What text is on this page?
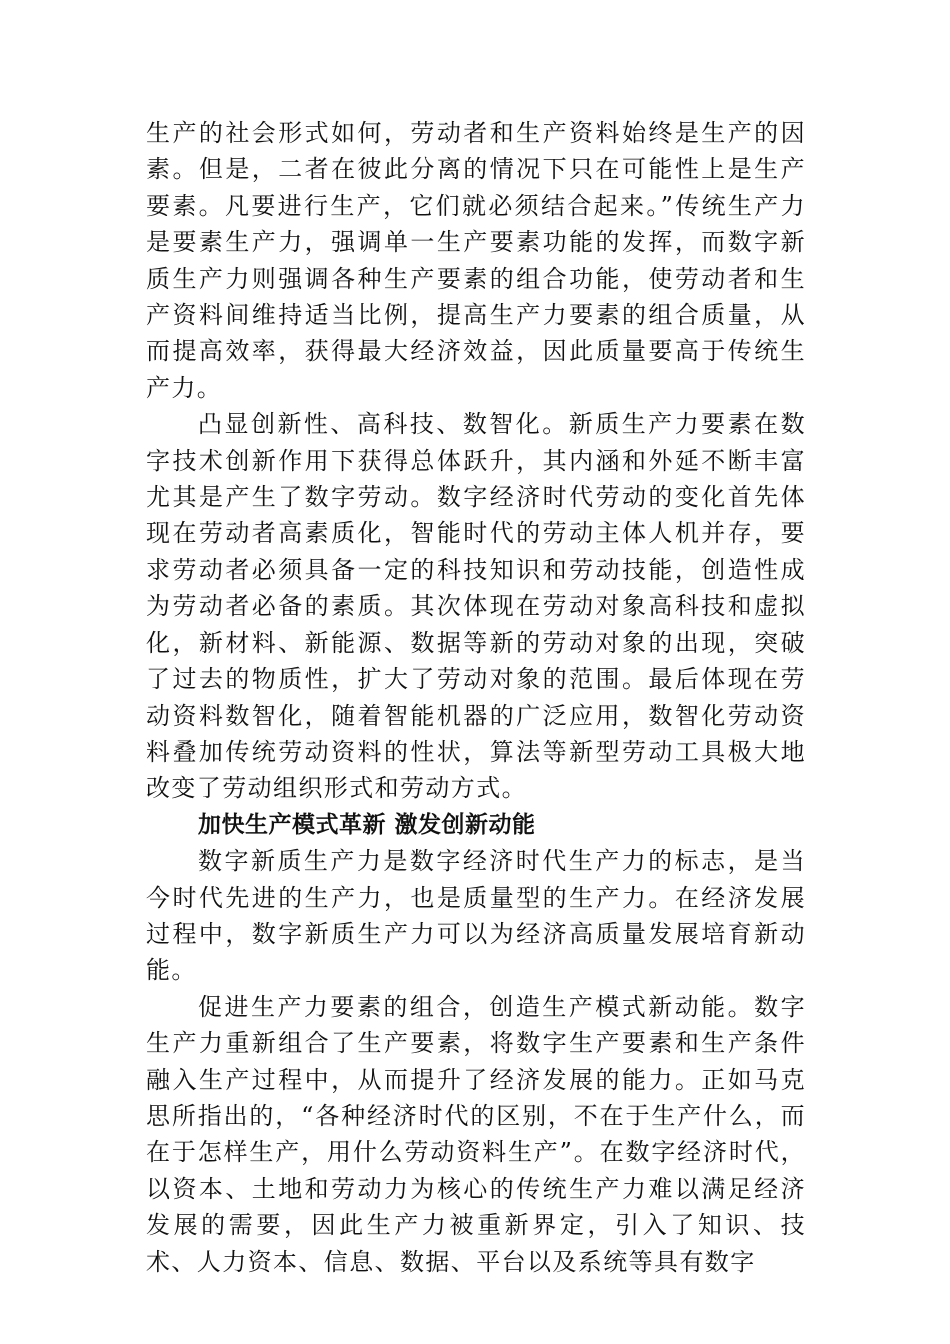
生产的社会形式如何，劳动者和生产资料始终是生产的因素。但是，二者在彼此分离的情况下只在可能性上是生产要素。凡要进行生产，它们就必须结合起来。”传统生产力是要素生产力，强调单一生产要素功能的发挥，而数字新质生产力则强调各种生产要素的组合功能，使劳动者和生产资料间维持适当比例，提高生产力要素的组合质量，从而提高效率，获得最大经济效益，因此质量要高于传统生产力。

凸显创新性、高科技、数智化。新质生产力要素在数字技术创新作用下获得总体跃升，其内涵和外延不断丰富尤其是产生了数字劳动。数字经济时代劳动的变化首先体现在劳动者高素质化，智能时代的劳动主体人机并存，要求劳动者必须具备一定的科技知识和劳动技能，创造性成为劳动者必备的素质。其次体现在劳动对象高科技和虚拟化，新材料、新能源、数据等新的劳动对象的出现，突破了过去的物质性，扩大了劳动对象的范围。最后体现在劳动资料数智化，随着智能机器的广泛应用，数智化劳动资料叠加传统劳动资料的性状，算法等新型劳动工具极大地改变了劳动组织形式和劳动方式。

加快生产模式革新 激发创新动能

数字新质生产力是数字经济时代生产力的标志，是当今时代先进的生产力，也是质量型的生产力。在经济发展过程中，数字新质生产力可以为经济高质量发展培育新动能。

促进生产力要素的组合，创造生产模式新动能。数字生产力重新组合了生产要素，将数字生产要素和生产条件融入生产过程中，从而提升了经济发展的能力。正如马克思所指出的，“各种经济时代的区别，不在于生产什么，而在于怎样生产，用什么劳动资料生产”。在数字经济时代，以资本、土地和劳动力为核心的传统生产力难以满足经济发展的需要，因此生产力被重新界定，引入了知识、技术、人力资本、信息、数据、平台以及系统等具有数字
